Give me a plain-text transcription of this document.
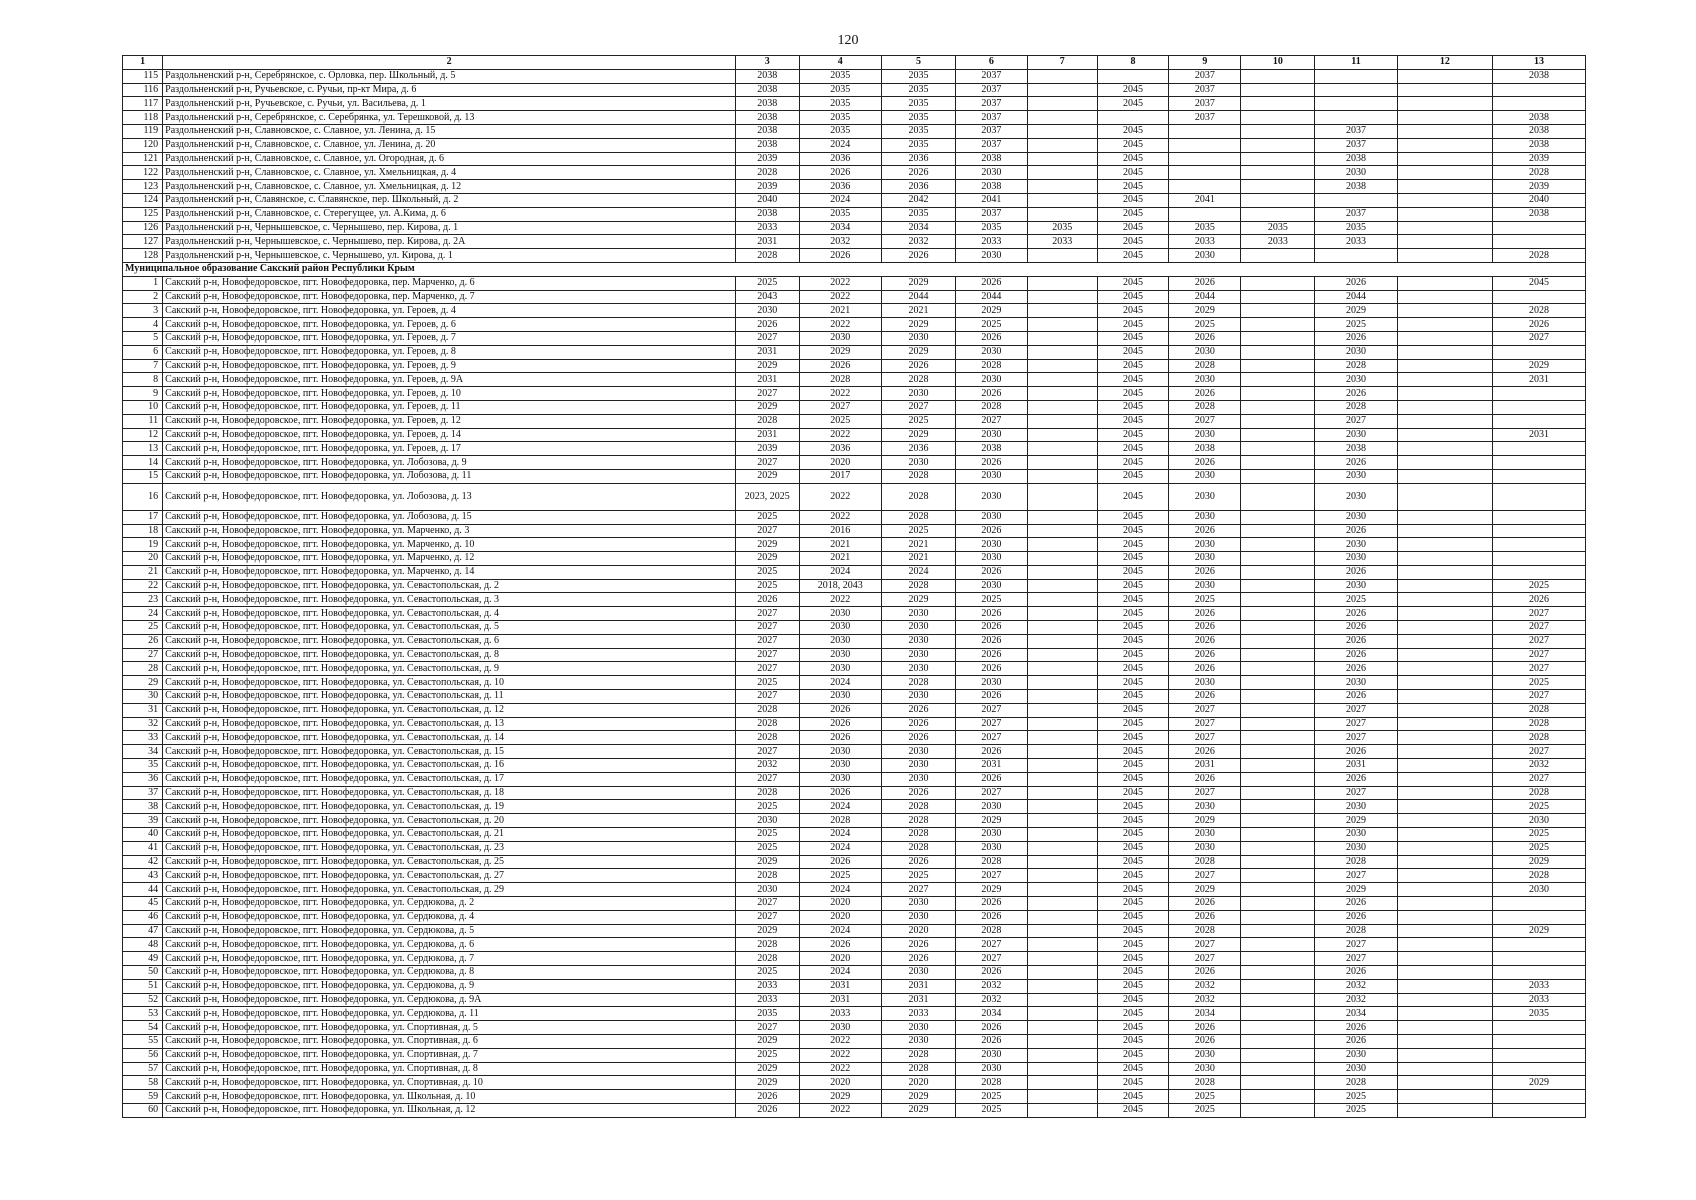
120
1	2	3	4	5	6	7	8	9	10	11	12	13
115	Раздольненский р-н, Серебрянское, с. Орловка, пер. Школьный, д. 5	2038	2035	2035	2037			2037				2038
116	Раздольненский р-н, Ручьевское, с. Ручьи, пр-кт Мира, д. 6	2038	2035	2035	2037		2045	2037				
117	Раздольненский р-н, Ручьевское, с. Ручьи, ул. Васильева, д. 1	2038	2035	2035	2037		2045	2037				
118	Раздольненский р-н, Серебрянское, с. Серебрянка, ул. Терешковой, д. 13	2038	2035	2035	2037			2037				2038
119	Раздольненский р-н, Славновское, с. Славное, ул. Ленина, д. 15	2038	2035	2035	2037		2045			2037		2038
120	Раздольненский р-н, Славновское, с. Славное, ул. Ленина, д. 20	2038	2024	2035	2037		2045			2037		2038
121	Раздольненский р-н, Славновское, с. Славное, ул. Огородная, д. 6	2039	2036	2036	2038		2045			2038		2039
122	Раздольненский р-н, Славновское, с. Славное, ул. Хмельницкая, д. 4	2028	2026	2026	2030		2045			2030		2028
123	Раздольненский р-н, Славновское, с. Славное, ул. Хмельницкая, д. 12	2039	2036	2036	2038		2045			2038		2039
124	Раздольненский р-н, Славянское, с. Славянское, пер. Школьный, д. 2	2040	2024	2042	2041		2045	2041				2040
125	Раздольненский р-н, Славновское, с. Стерегущее, ул. А.Кима, д. 6	2038	2035	2035	2037		2045			2037		2038
126	Раздольненский р-н, Чернышевское, с. Чернышево, пер. Кирова, д. 1	2033	2034	2034	2035	2035	2045	2035	2035	2035		
127	Раздольненский р-н, Чернышевское, с. Чернышево, пер. Кирова, д. 2А	2031	2032	2032	2033	2033	2045	2033	2033	2033		
128	Раздольненский р-н, Чернышевское, с. Чернышево, ул. Кирова, д. 1	2028	2026	2026	2030		2045	2030				2028
Муниципальное образование Сакский район Республики Крым												
1	Сакский р-н, Новофедоровское, пгт. Новофедоровка, пер. Марченко, д. 6	2025	2022	2029	2026		2045	2026		2026		2045
2	Сакский р-н, Новофедоровское, пгт. Новофедоровка, пер. Марченко, д. 7	2043	2022	2044	2044		2045	2044		2044		
3	Сакский р-н, Новофедоровское, пгт. Новофедоровка, ул. Героев, д. 4	2030	2021	2021	2029		2045	2029		2029		2028
4	Сакский р-н, Новофедоровское, пгт. Новофедоровка, ул. Героев, д. 6	2026	2022	2029	2025		2045	2025		2025		2026
5	Сакский р-н, Новофедоровское, пгт. Новофедоровка, ул. Героев, д. 7	2027	2030	2030	2026		2045	2026		2026		2027
6	Сакский р-н, Новофедоровское, пгт. Новофедоровка, ул. Героев, д. 8	2031	2029	2029	2030		2045	2030		2030		
7	Сакский р-н, Новофедоровское, пгт. Новофедоровка, ул. Героев, д. 9	2029	2026	2026	2028		2045	2028		2028		2029
8	Сакский р-н, Новофедоровское, пгт. Новофедоровка, ул. Героев, д. 9А	2031	2028	2028	2030		2045	2030		2030		2031
9	Сакский р-н, Новофедоровское, пгт. Новофедоровка, ул. Героев, д. 10	2027	2022	2030	2026		2045	2026		2026		
10	Сакский р-н, Новофедоровское, пгт. Новофедоровка, ул. Героев, д. 11	2029	2027	2027	2028		2045	2028		2028		
11	Сакский р-н, Новофедоровское, пгт. Новофедоровка, ул. Героев, д. 12	2028	2025	2025	2027		2045	2027		2027		
12	Сакский р-н, Новофедоровское, пгт. Новофедоровка, ул. Героев, д. 14	2031	2022	2029	2030		2045	2030		2030		2031
13	Сакский р-н, Новофедоровское, пгт. Новофедоровка, ул. Героев, д. 17	2039	2036	2036	2038		2045	2038		2038		
14	Сакский р-н, Новофедоровское, пгт. Новофедоровка, ул. Лобозова, д. 9	2027	2020	2030	2026		2045	2026		2026		
15	Сакский р-н, Новофедоровское, пгт. Новофедоровка, ул. Лобозова, д. 11	2029	2017	2028	2030		2045	2030		2030		
16	Сакский р-н, Новофедоровское, пгт. Новофедоровка, ул. Лобозова, д. 13	2023, 2025	2022	2028	2030		2045	2030		2030		
17	Сакский р-н, Новофедоровское, пгт. Новофедоровка, ул. Лобозова, д. 15	2025	2022	2028	2030		2045	2030		2030		
18	Сакский р-н, Новофедоровское, пгт. Новофедоровка, ул. Марченко, д. 3	2027	2016	2025	2026		2045	2026		2026		
19	Сакский р-н, Новофедоровское, пгт. Новофедоровка, ул. Марченко, д. 10	2029	2021	2021	2030		2045	2030		2030		
20	Сакский р-н, Новофедоровское, пгт. Новофедоровка, ул. Марченко, д. 12	2029	2021	2021	2030		2045	2030		2030		
21	Сакский р-н, Новофедоровское, пгт. Новофедоровка, ул. Марченко, д. 14	2025	2024	2024	2026		2045	2026		2026		
22	Сакский р-н, Новофедоровское, пгт. Новофедоровка, ул. Севастопольская, д. 2	2025	2018, 2043	2028	2030		2045	2030		2030		2025
23	Сакский р-н, Новофедоровское, пгт. Новофедоровка, ул. Севастопольская, д. 3	2026	2022	2029	2025		2045	2025		2025		2026
24	Сакский р-н, Новофедоровское, пгт. Новофедоровка, ул. Севастопольская, д. 4	2027	2030	2030	2026		2045	2026		2026		2027
25	Сакский р-н, Новофедоровское, пгт. Новофедоровка, ул. Севастопольская, д. 5	2027	2030	2030	2026		2045	2026		2026		2027
26	Сакский р-н, Новофедоровское, пгт. Новофедоровка, ул. Севастопольская, д. 6	2027	2030	2030	2026		2045	2026		2026		2027
27	Сакский р-н, Новофедоровское, пгт. Новофедоровка, ул. Севастопольская, д. 8	2027	2030	2030	2026		2045	2026		2026		2027
28	Сакский р-н, Новофедоровское, пгт. Новофедоровка, ул. Севастопольская, д. 9	2027	2030	2030	2026		2045	2026		2026		2027
29	Сакский р-н, Новофедоровское, пгт. Новофедоровка, ул. Севастопольская, д. 10	2025	2024	2028	2030		2045	2030		2030		2025
30	Сакский р-н, Новофедоровское, пгт. Новофедоровка, ул. Севастопольская, д. 11	2027	2030	2030	2026		2045	2026		2026		2027
31	Сакский р-н, Новофедоровское, пгт. Новофедоровка, ул. Севастопольская, д. 12	2028	2026	2026	2027		2045	2027		2027		2028
32	Сакский р-н, Новофедоровское, пгт. Новофедоровка, ул. Севастопольская, д. 13	2028	2026	2026	2027		2045	2027		2027		2028
33	Сакский р-н, Новофедоровское, пгт. Новофедоровка, ул. Севастопольская, д. 14	2028	2026	2026	2027		2045	2027		2027		2028
34	Сакский р-н, Новофедоровское, пгт. Новофедоровка, ул. Севастопольская, д. 15	2027	2030	2030	2026		2045	2026		2026		2027
35	Сакский р-н, Новофедоровское, пгт. Новофедоровка, ул. Севастопольская, д. 16	2032	2030	2030	2031		2045	2031		2031		2032
36	Сакский р-н, Новофедоровское, пгт. Новофедоровка, ул. Севастопольская, д. 17	2027	2030	2030	2026		2045	2026		2026		2027
37	Сакский р-н, Новофедоровское, пгт. Новофедоровка, ул. Севастопольская, д. 18	2028	2026	2026	2027		2045	2027		2027		2028
38	Сакский р-н, Новофедоровское, пгт. Новофедоровка, ул. Севастопольская, д. 19	2025	2024	2028	2030		2045	2030		2030		2025
39	Сакский р-н, Новофедоровское, пгт. Новофедоровка, ул. Севастопольская, д. 20	2030	2028	2028	2029		2045	2029		2029		2030
40	Сакский р-н, Новофедоровское, пгт. Новофедоровка, ул. Севастопольская, д. 21	2025	2024	2028	2030		2045	2030		2030		2025
41	Сакский р-н, Новофедоровское, пгт. Новофедоровка, ул. Севастопольская, д. 23	2025	2024	2028	2030		2045	2030		2030		2025
42	Сакский р-н, Новофедоровское, пгт. Новофедоровка, ул. Севастопольская, д. 25	2029	2026	2026	2028		2045	2028		2028		2029
43	Сакский р-н, Новофедоровское, пгт. Новофедоровка, ул. Севастопольская, д. 27	2028	2025	2025	2027		2045	2027		2027		2028
44	Сакский р-н, Новофедоровское, пгт. Новофедоровка, ул. Севастопольская, д. 29	2030	2024	2027	2029		2045	2029		2029		2030
45	Сакский р-н, Новофедоровское, пгт. Новофедоровка, ул. Сердюкова, д. 2	2027	2020	2030	2026		2045	2026		2026		
46	Сакский р-н, Новофедоровское, пгт. Новофедоровка, ул. Сердюкова, д. 4	2027	2020	2030	2026		2045	2026		2026		
47	Сакский р-н, Новофедоровское, пгт. Новофедоровка, ул. Сердюкова, д. 5	2029	2024	2020	2028		2045	2028		2028		2029
48	Сакский р-н, Новофедоровское, пгт. Новофедоровка, ул. Сердюкова, д. 6	2028	2026	2026	2027		2045	2027		2027		
49	Сакский р-н, Новофедоровское, пгт. Новофедоровка, ул. Сердюкова, д. 7	2028	2020	2026	2027		2045	2027		2027		
50	Сакский р-н, Новофедоровское, пгт. Новофедоровка, ул. Сердюкова, д. 8	2025	2024	2030	2026		2045	2026		2026		
51	Сакский р-н, Новофедоровское, пгт. Новофедоровка, ул. Сердюкова, д. 9	2033	2031	2031	2032		2045	2032		2032		2033
52	Сакский р-н, Новофедоровское, пгт. Новофедоровка, ул. Сердюкова, д. 9А	2033	2031	2031	2032		2045	2032		2032		2033
53	Сакский р-н, Новофедоровское, пгт. Новофедоровка, ул. Сердюкова, д. 11	2035	2033	2033	2034		2045	2034		2034		2035
54	Сакский р-н, Новофедоровское, пгт. Новофедоровка, ул. Спортивная, д. 5	2027	2030	2030	2026		2045	2026		2026		
55	Сакский р-н, Новофедоровское, пгт. Новофедоровка, ул. Спортивная, д. 6	2029	2022	2030	2026		2045	2026		2026		
56	Сакский р-н, Новофедоровское, пгт. Новофедоровка, ул. Спортивная, д. 7	2025	2022	2028	2030		2045	2030		2030		
57	Сакский р-н, Новофедоровское, пгт. Новофедоровка, ул. Спортивная, д. 8	2029	2022	2028	2030		2045	2030		2030		
58	Сакский р-н, Новофедоровское, пгт. Новофедоровка, ул. Спортивная, д. 10	2029	2020	2020	2028		2045	2028		2028		2029
59	Сакский р-н, Новофедоровское, пгт. Новофедоровка, ул. Школьная, д. 10	2026	2029	2029	2025		2045	2025		2025		
60	Сакский р-н, Новофедоровское, пгт. Новофедоровка, ул. Школьная, д. 12	2026	2022	2029	2025		2045	2025		2025		
